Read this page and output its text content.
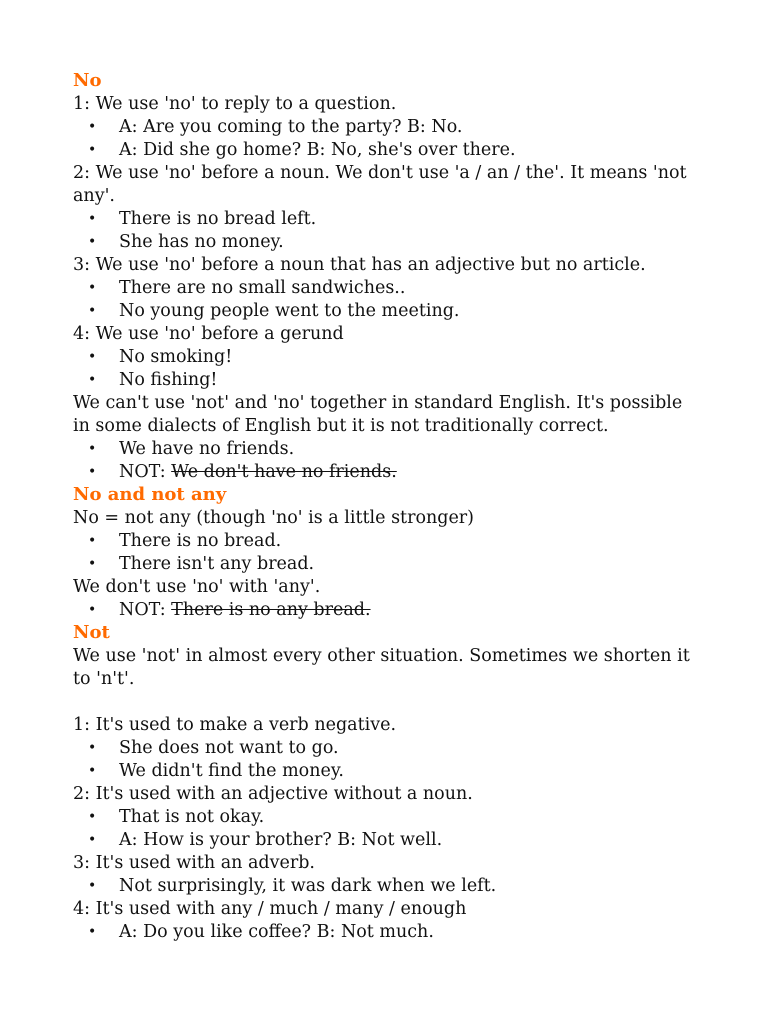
No

1: We use 'no' to reply to a question.

• A: Are you coming to the party? B: No.
• A: Did she go home? B: No, she's over there.

2: We use 'no' before a noun. We don't use 'a / an / the'. It means 'not any'.

• There is no bread left.
• She has no money.

3: We use 'no' before a noun that has an adjective but no article.

• There are no small sandwiches..
• No young people went to the meeting.

4: We use 'no' before a gerund

• No smoking!
• No fishing!

We can't use 'not' and 'no' together in standard English. It's possible in some dialects of English but it is not traditionally correct.

• We have no friends.
• NOT: We don't have no friends.
No and not any

No = not any (though 'no' is a little stronger)

• There is no bread.
• There isn't any bread.

We don't use 'no' with 'any'.

• NOT: There is no any bread.
Not

We use 'not' in almost every other situation. Sometimes we shorten it to 'n't'.

1: It's used to make a verb negative.

• She does not want to go.
• We didn't find the money.

2: It's used with an adjective without a noun.

• That is not okay.
• A: How is your brother? B: Not well.

3: It's used with an adverb.

• Not surprisingly, it was dark when we left.

4: It's used with any / much / many / enough

• A: Do you like coffee? B: Not much.
